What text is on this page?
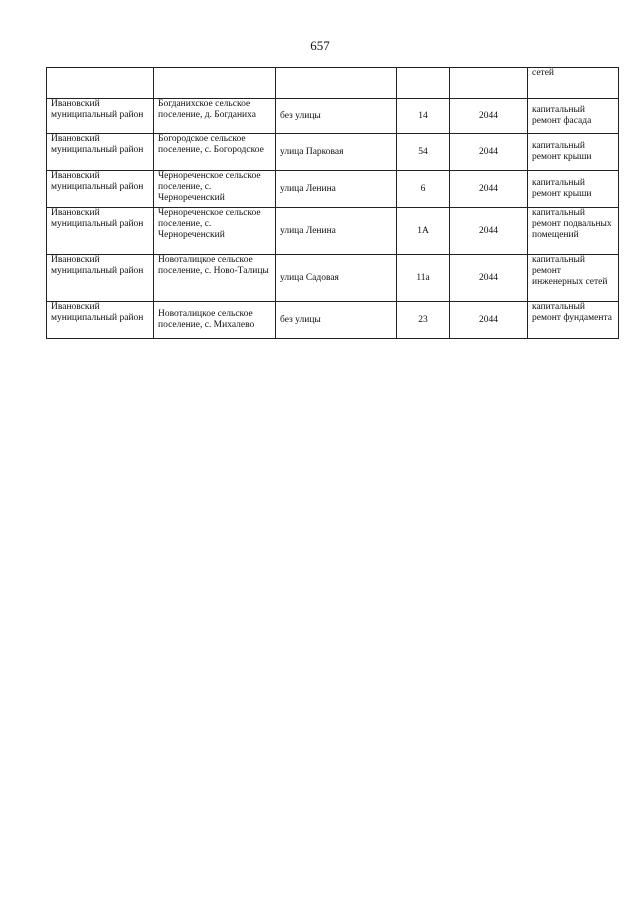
657
					сетей
Ивановский муниципальный район	Богданихское сельское поселение, д. Богданиха	без улицы	14	2044	капитальный ремонт фасада
Ивановский муниципальный район	Богородское сельское поселение, с. Богородское	улица Парковая	54	2044	капитальный ремонт крыши
Ивановский муниципальный район	Чернореченское сельское поселение, с. Чернореченский	улица Ленина	6	2044	капитальный ремонт крыши
Ивановский муниципальный район	Чернореченское сельское поселение, с. Чернореченский	улица Ленина	1А	2044	капитальный ремонт подвальных помещений
Ивановский муниципальный район	Новоталицкое сельское поселение, с. Ново-Талицы	улица Садовая	11а	2044	капитальный ремонт инженерных сетей
Ивановский муниципальный район	Новоталицкое сельское поселение, с. Михалево	без улицы	23	2044	капитальный ремонт фундамента
